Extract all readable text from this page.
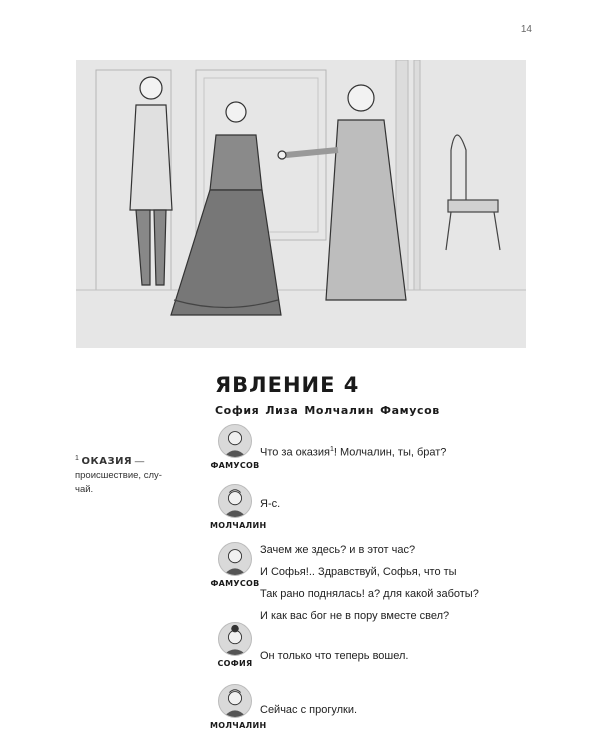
14
ЯВЛЕНИЕ 4
София Лиза Молчалин Фамусов
$^1$ ОКАЗИЯ — происшествие, слу-
чай.
ФАМУСОВ
Что за оказия$^1$! Молчалин, ты, брат?
МОЛЧАЛИН
Я-с.
ФАМУСОВ
Зачем же здесь? и в этот час?
И Софья!.. Здравствуй, Софья, что ты
Так рано поднялась! а? для какой заботы?
И как вас бог не в пору вместе свел?
СОФИЯ
Он только что теперь вошел.
МОЛЧАЛИН
Сейчас с прогулки.
